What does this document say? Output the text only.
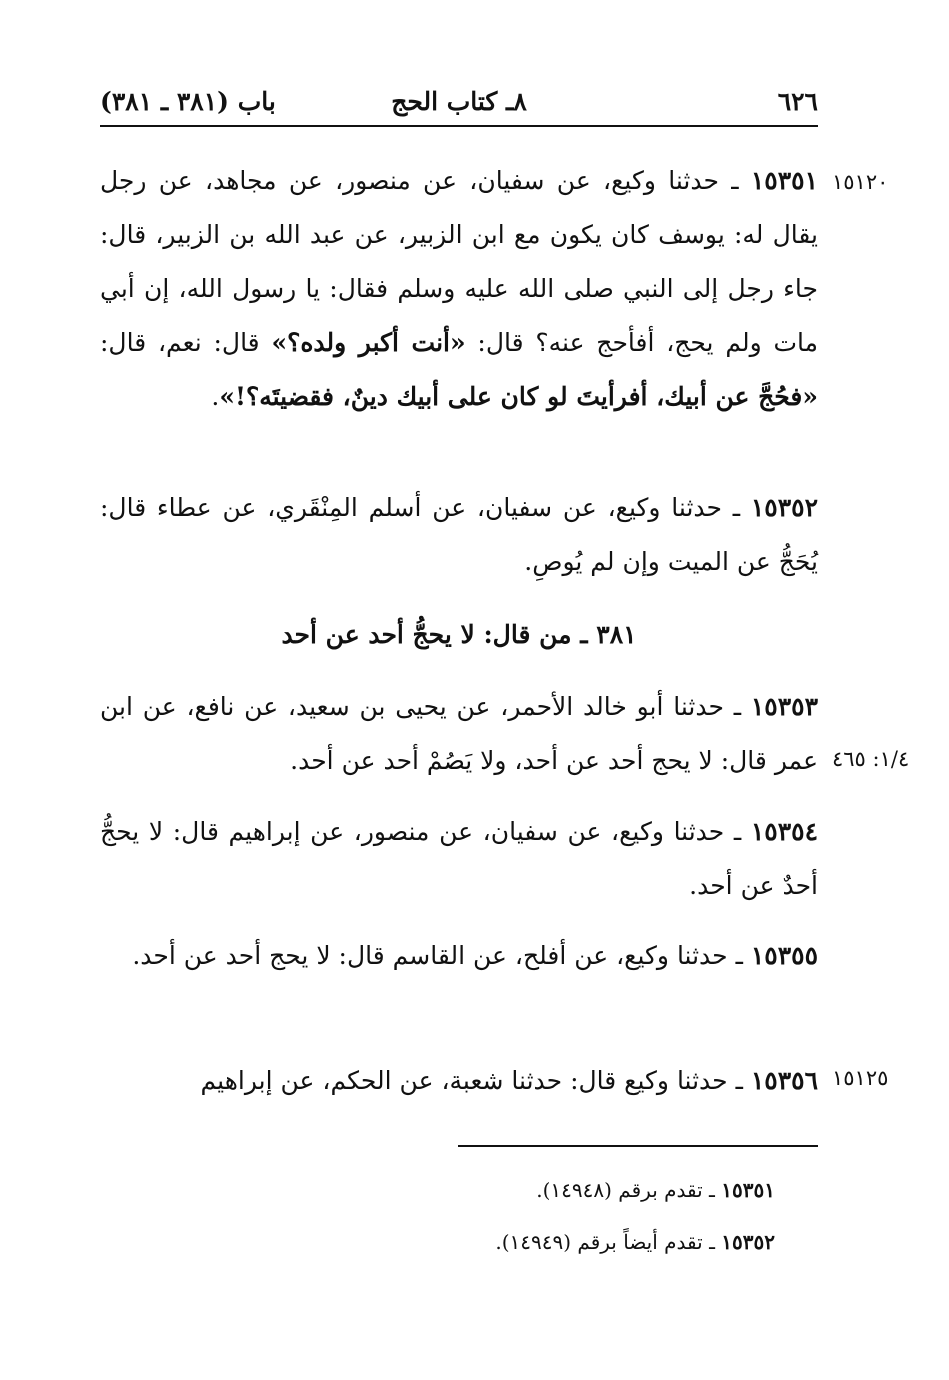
٦٢٦
٨ـ كتاب الحج
باب (٣٨١ ـ ٣٨١)
١٥١٢٠
١/٤: ٤٦٥
١٥١٢٥
١٥٣٥١ ـ حدثنا وكيع، عن سفيان، عن منصور، عن مجاهد، عن رجل يقال له: يوسف كان يكون مع ابن الزبير، عن عبد الله بن الزبير، قال: جاء رجل إلى النبي صلى الله عليه وسلم فقال: يا رسول الله، إن أبي مات ولم يحج، أفأحج عنه؟ قال: «أنت أكبر ولده؟» قال: نعم، قال: «فحُجَّ عن أبيك، أفرأيتَ لو كان على أبيك دينٌ، فقضيتَه؟!».
١٥٣٥٢ ـ حدثنا وكيع، عن سفيان، عن أسلم المِنْقَري، عن عطاء قال: يُحَجُّ عن الميت وإن لم يُوصِ.
٣٨١ ـ من قال: لا يحجُّ أحد عن أحد
١٥٣٥٣ ـ حدثنا أبو خالد الأحمر، عن يحيى بن سعيد، عن نافع، عن ابن عمر قال: لا يحج أحد عن أحد، ولا يَصُمْ أحد عن أحد.
١٥٣٥٤ ـ حدثنا وكيع، عن سفيان، عن منصور، عن إبراهيم قال: لا يحجُّ أحدٌ عن أحد.
١٥٣٥٥ ـ حدثنا وكيع، عن أفلح، عن القاسم قال: لا يحج أحد عن أحد.
١٥٣٥٦ ـ حدثنا وكيع قال: حدثنا شعبة، عن الحكم، عن إبراهيم
١٥٣٥١ ـ تقدم برقم (١٤٩٤٨).
١٥٣٥٢ ـ تقدم أيضاً برقم (١٤٩٤٩).
